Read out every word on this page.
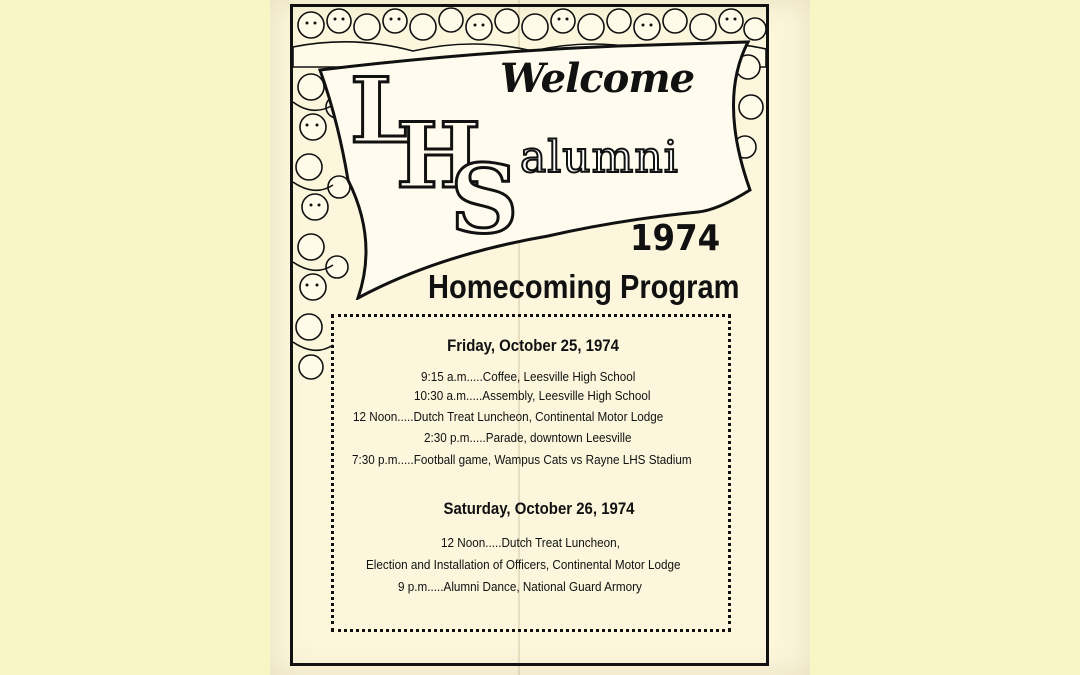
Welcome
L
H
S alumni
1974
Homecoming Program
Friday, October 25, 1974
9:15 a.m.....Coffee, Leesville High School
10:30 a.m.....Assembly, Leesville High School
12 Noon.....Dutch Treat Luncheon, Continental Motor Lodge
2:30 p.m.....Parade, downtown Leesville
7:30 p.m.....Football game, Wampus Cats vs Rayne LHS Stadium
Saturday, October 26, 1974
12 Noon.....Dutch Treat Luncheon,
Election and Installation of Officers, Continental Motor Lodge
9 p.m.....Alumni Dance, National Guard Armory
